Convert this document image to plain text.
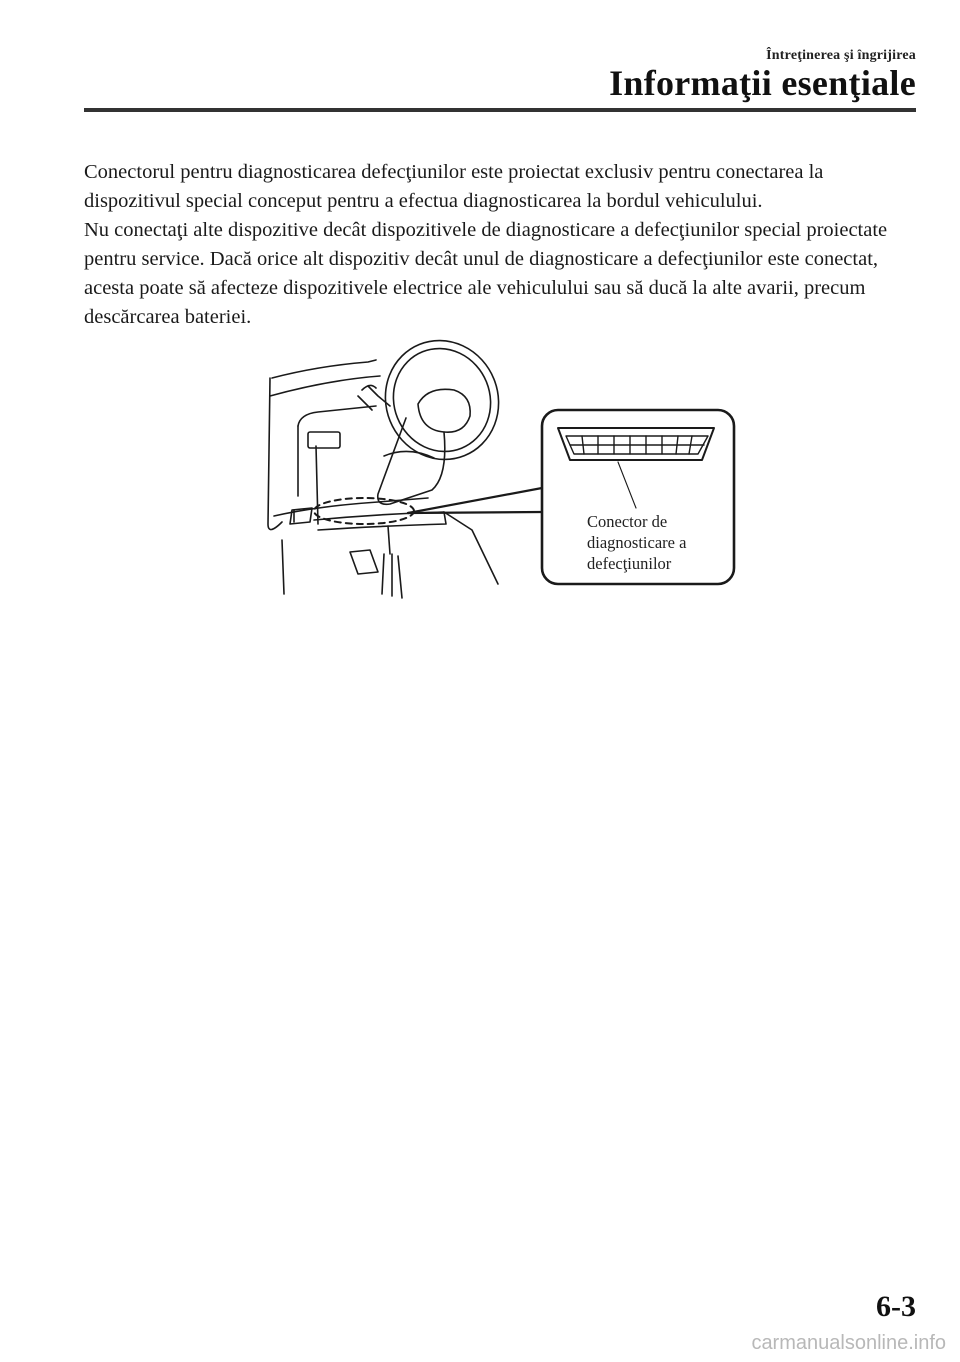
Întreţinerea şi îngrijirea
Informaţii esenţiale

Conectorul pentru diagnosticarea defecţiunilor este proiectat exclusiv pentru conectarea la dispozitivul special conceput pentru a efectua diagnosticarea la bordul vehiculului.

Nu conectaţi alte dispozitive decât dispozitivele de diagnosticare a defecţiunilor special proiectate pentru service. Dacă orice alt dispozitiv decât unul de diagnosticare a defecţiunilor este conectat, acesta poate să afecteze dispozitivele electrice ale vehiculului sau să ducă la alte avarii, precum descărcarea bateriei.

Conector de
diagnosticare a
defecţiunilor
6-3
carmanualsonline.info
